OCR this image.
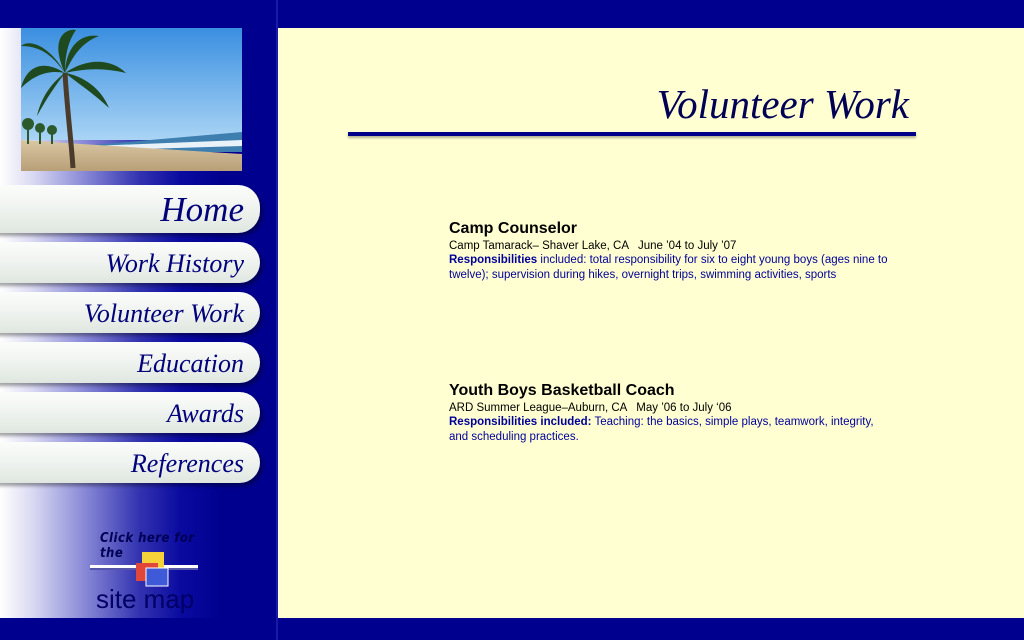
Home
Work History
Volunteer Work
Education
Awards
References
Click here for the
site map
Volunteer Work
Camp Counselor
Camp Tamarack– Shaver Lake, CA   June ’04 to July ’07
Responsibilities included: total responsibility for six to eight young boys (ages nine to twelve); supervision during hikes, overnight trips, swimming activities, sports
Youth Boys Basketball Coach
ARD Summer League–Auburn, CA   May ’06 to July ‘06
Responsibilities included: Teaching: the basics, simple plays, teamwork, integrity, and scheduling practices.
